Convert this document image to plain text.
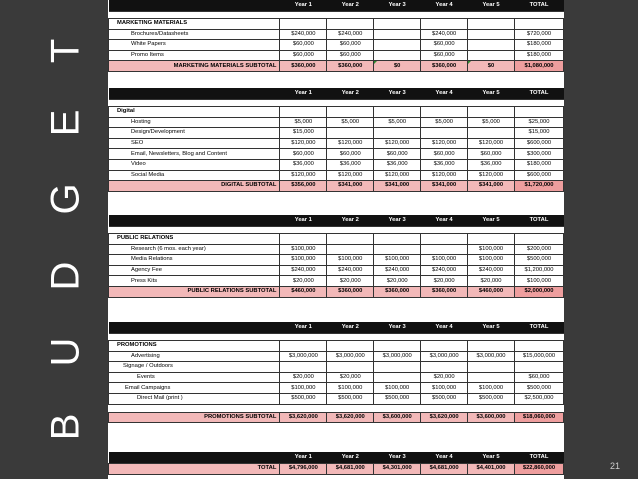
B U D G E T
	Year 1	Year 2	Year 3	Year 4	Year 5	TOTAL

MARKETING MATERIALS						
Brochures/Datasheets	$240,000	$240,000		$240,000		$720,000
White Papers	$60,000	$60,000		$60,000		$180,000
Promo Items	$60,000	$60,000		$60,000		$180,000
MARKETING MATERIALS SUBTOTAL	$360,000	$360,000	$0	$360,000	$0	$1,080,000
	Year 1	Year 2	Year 3	Year 4	Year 5	TOTAL

Digital						
Hosting	$5,000	$5,000	$5,000	$5,000	$5,000	$25,000
Design/Development	$15,000					$15,000
SEO	$120,000	$120,000	$120,000	$120,000	$120,000	$600,000
Email, Newsletters, Blog and Content	$60,000	$60,000	$60,000	$60,000	$60,000	$300,000
Video	$36,000	$36,000	$36,000	$36,000	$36,000	$180,000
Social Media	$120,000	$120,000	$120,000	$120,000	$120,000	$600,000
DIGITAL SUBTOTAL	$356,000	$341,000	$341,000	$341,000	$341,000	$1,720,000
	Year 1	Year 2	Year 3	Year 4	Year 5	TOTAL

PUBLIC RELATIONS						
Research (6 mos. each year)	$100,000				$100,000	$200,000
Media Relations	$100,000	$100,000	$100,000	$100,000	$100,000	$500,000
Agency Fee	$240,000	$240,000	$240,000	$240,000	$240,000	$1,200,000
Press Kits	$20,000	$20,000	$20,000	$20,000	$20,000	$100,000
PUBLIC RELATIONS SUBTOTAL	$460,000	$360,000	$360,000	$360,000	$460,000	$2,000,000
	Year 1	Year 2	Year 3	Year 4	Year 5	TOTAL

PROMOTIONS						
Advertising	$3,000,000	$3,000,000	$3,000,000	$3,000,000	$3,000,000	$15,000,000
Signage / Outdoors						
Events	$20,000	$20,000		$20,000		$60,000
Email Campaigns	$100,000	$100,000	$100,000	$100,000	$100,000	$500,000
Direct Mail (print )	$500,000	$500,000	$500,000	$500,000	$500,000	$2,500,000

PROMOTIONS SUBTOTAL	$3,620,000	$3,620,000	$3,600,000	$3,620,000	$3,600,000	$18,060,000
	Year 1	Year 2	Year 3	Year 4	Year 5	TOTAL
TOTAL	$4,796,000	$4,681,000	$4,301,000	$4,681,000	$4,401,000	$22,860,000	21
